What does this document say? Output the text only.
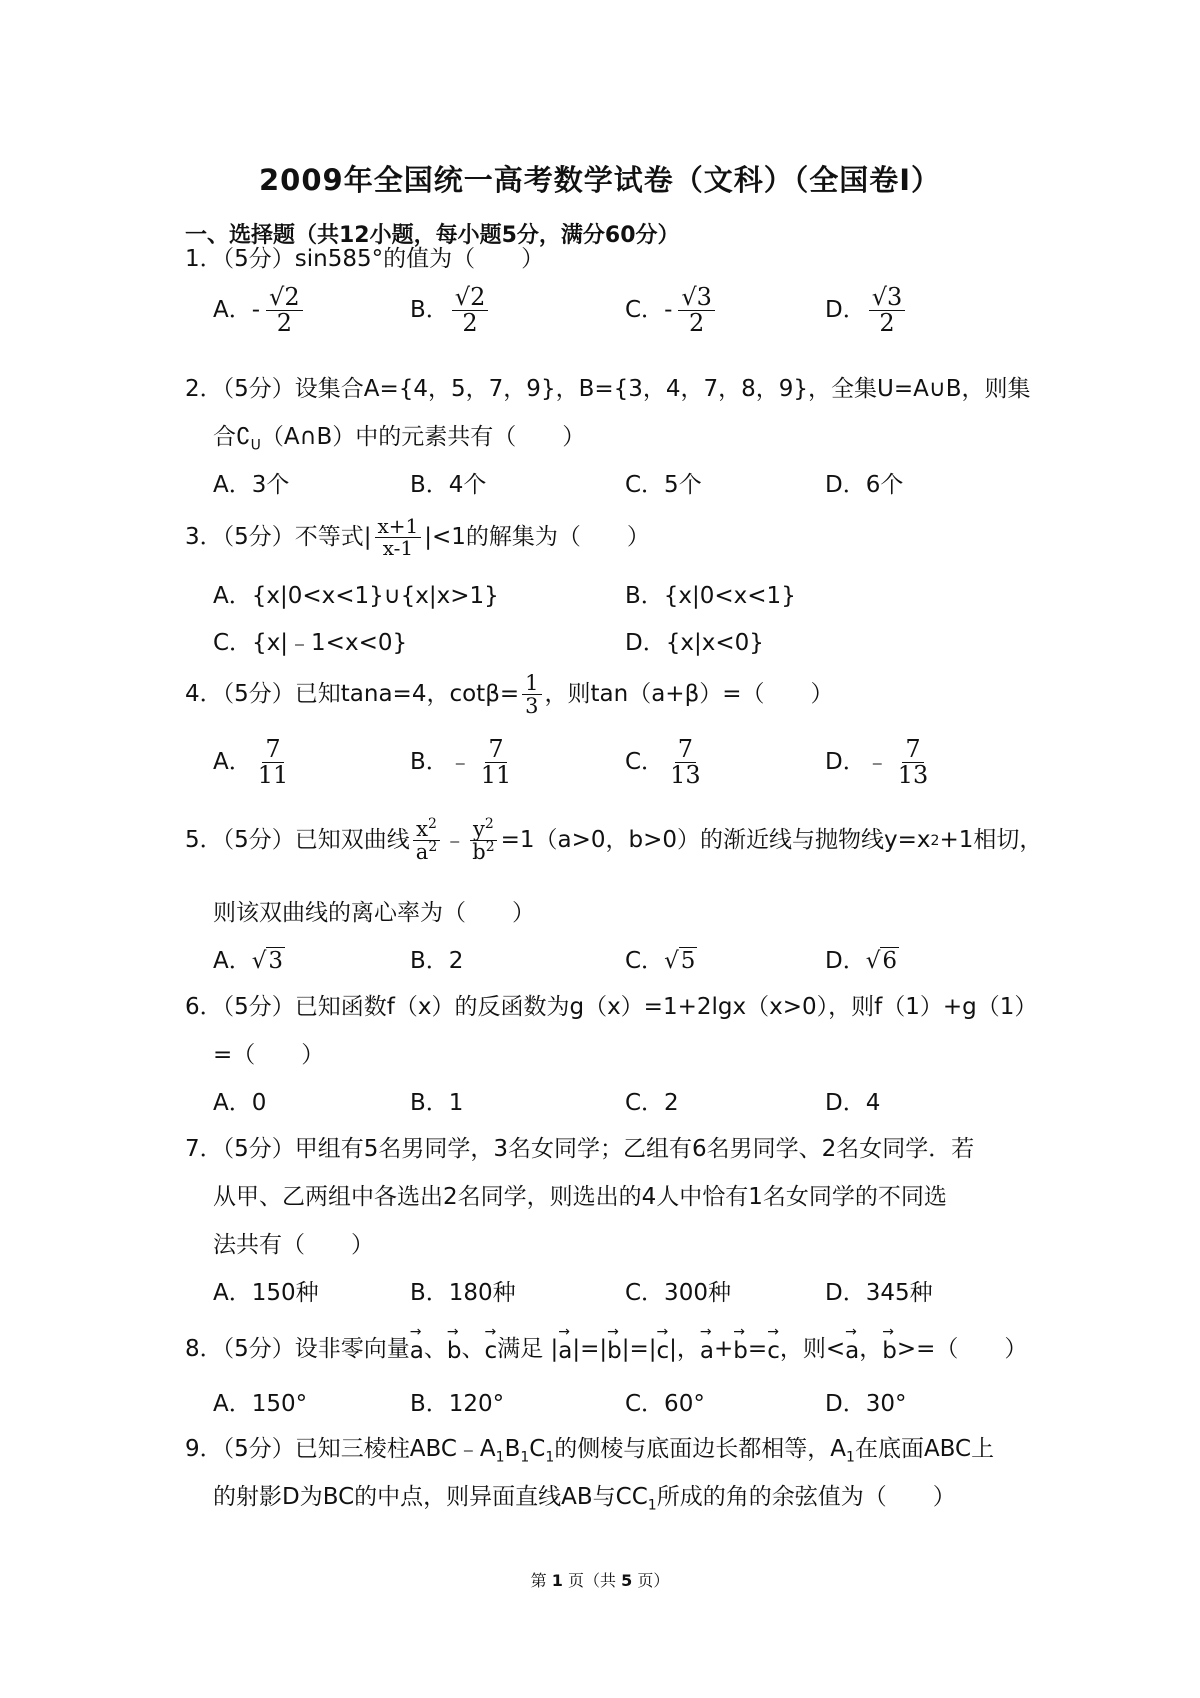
2009年全国统一高考数学试卷（文科）（全国卷Ⅰ）
一、选择题（共12小题，每小题5分，满分60分）
1．（5分）sin585°的值为（　　）
A． - $\frac{√2}{2}$	B． $\frac{√2}{2}$	C． - $\frac{√3}{2}$	D． $\frac{√3}{2}$
2．（5分）设集合A={4，5，7，9}，B={3，4，7，8，9}，全集U=A∪B，则集
合$∁_U(A\cap B)$中的元素共有（　　）
A．3个	B．4个	C．5个	D．6个
3．（5分）不等式| $\frac{x+1}{x-1} |<1$的解集为（　　）
A．{x|0<x<1}∪{x|x>1}	B．{x|0<x<1}
C．{x|﹣1<x<0}	D．{x|x<0}
4．（5分）已知tana=4，$\cot\beta= \frac{1}{3}$ ，则tan（a+β）=（　　）
A． $\frac{7}{11}$	B． ﹣ $\frac{7}{11}$	C． $\frac{7}{13}$	D． ﹣ $\frac{7}{13}$
5．（5分）已知双曲线 $\frac{x^2}{a^2}$ ﹣ $\frac{y^2}{b^2} =1(a>0$，b>0）的渐近线与抛物线y=x 2 +1相切，
则该双曲线的离心率为（　　）
A． √3	B． 2	C． √5	D． √6
6．（5分）已知函数f（x）的反函数为g（x）=1+2lgx（x>0），则f（1）+g（1）
=（　　）
A．0	B．1	C．2	D．4
7．（5分）甲组有5名男同学，3名女同学；乙组有6名男同学、2名女同学．若
从甲、乙两组中各选出2名同学，则选出的4人中恰有1名女同学的不同选
法共有（　　）
A．150种	B．180种	C．300种	D．345种
8．（5分）设非零向量 → a 、 → b 、 → c 满足 | → a |=| → b |=| → c | ， → a + → b = → c ，则 < → a ， → b > =（　　）
A．150°	B．120°	C．60°	D．30°
9．（5分）已知三棱柱$ABC﹣A_1B_1C_1$的侧棱与底面边长都相等，$A_1$在底面ABC上
的射影D为BC的中点，则异面直线AB与$CC_1$所成的角的余弦值为（　　）
第 1 页（共 5 页）
